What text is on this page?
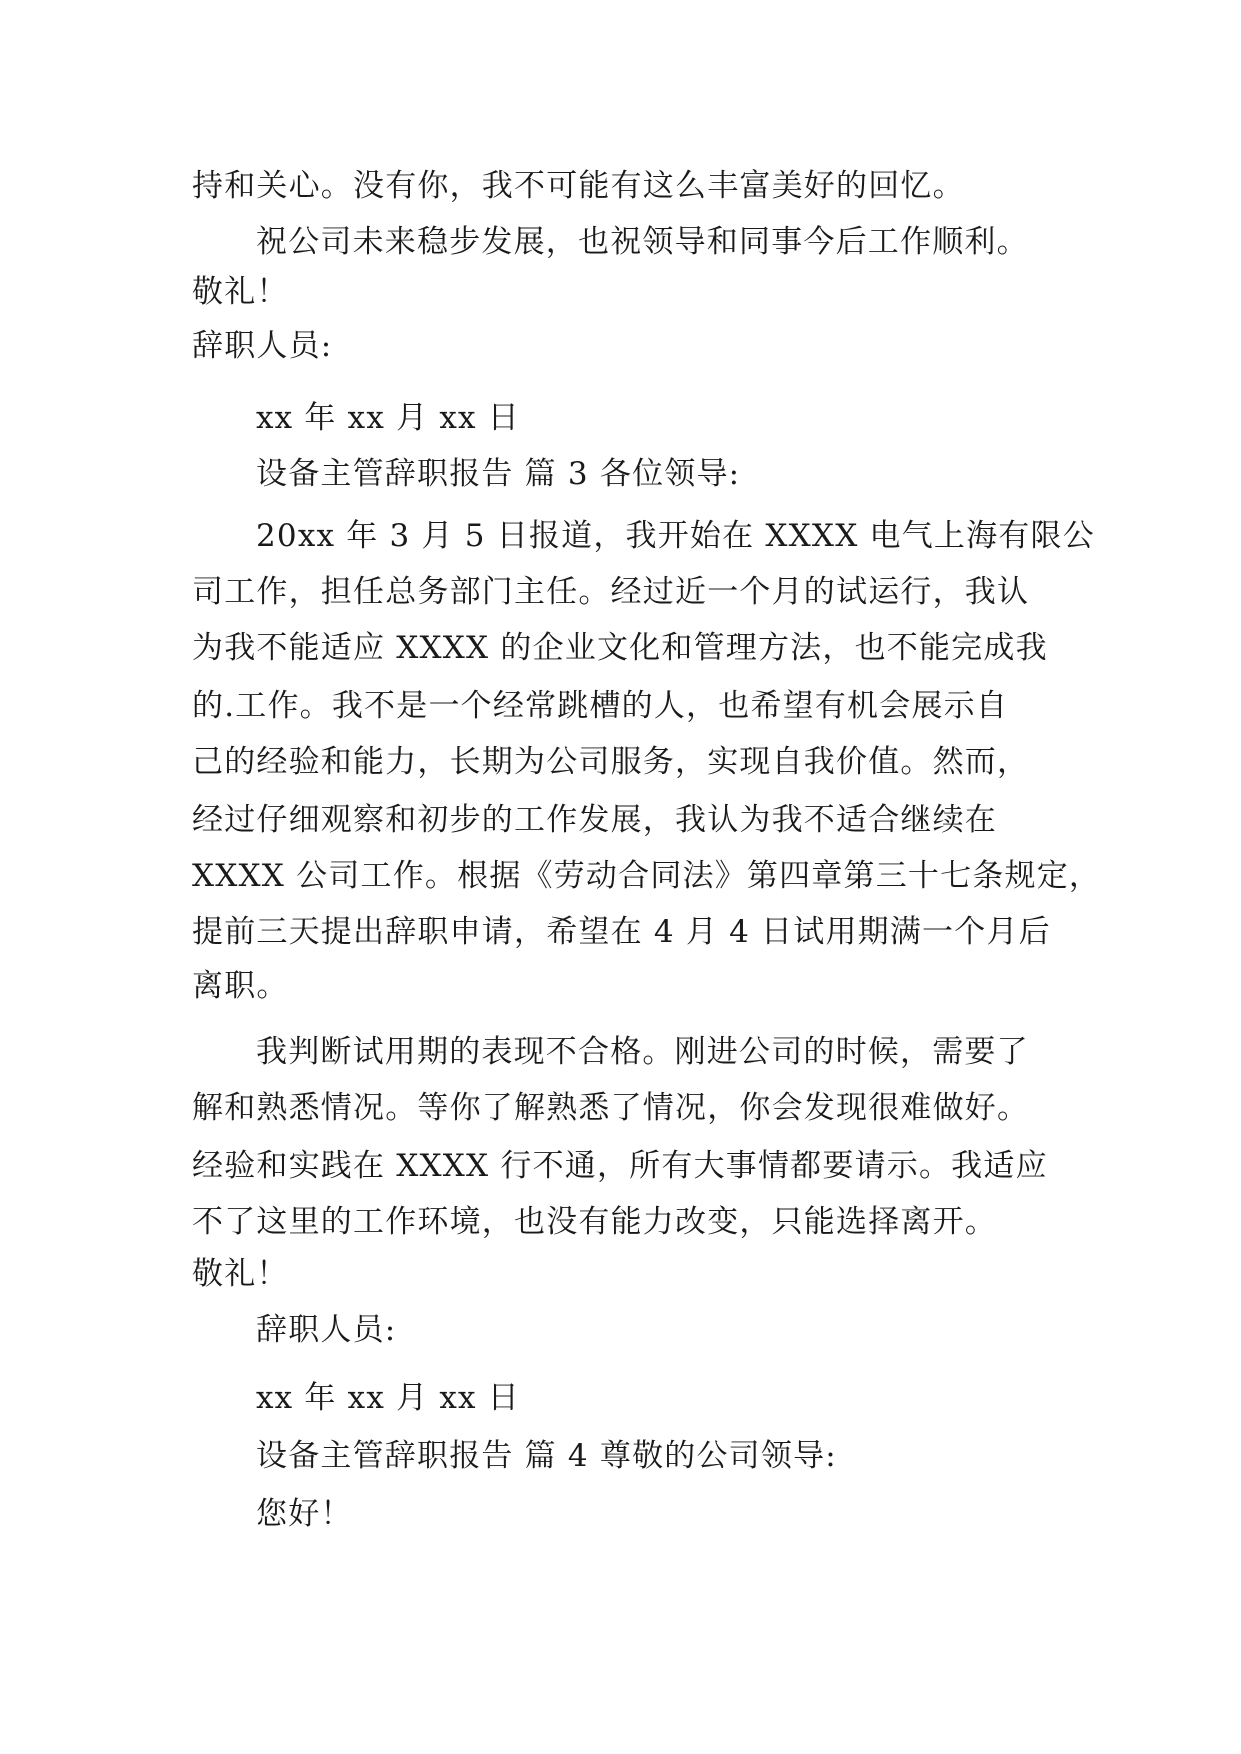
持和关心。没有你，我不可能有这么丰富美好的回忆。
祝公司未来稳步发展，也祝领导和同事今后工作顺利。
敬礼！
辞职人员:
xx 年 xx 月 xx 日
设备主管辞职报告 篇 3 各位领导:
20xx 年 3 月 5 日报道，我开始在 XXXX 电气上海有限公
司工作，担任总务部门主任。经过近一个月的试运行，我认
为我不能适应 XXXX 的企业文化和管理方法，也不能完成我
的.工作。我不是一个经常跳槽的人，也希望有机会展示自
己的经验和能力，长期为公司服务，实现自我价值。然而，
经过仔细观察和初步的工作发展，我认为我不适合继续在
XXXX 公司工作。根据《劳动合同法》第四章第三十七条规定，
提前三天提出辞职申请，希望在 4 月 4 日试用期满一个月后
离职。
我判断试用期的表现不合格。刚进公司的时候，需要了
解和熟悉情况。等你了解熟悉了情况，你会发现很难做好。
经验和实践在 XXXX 行不通，所有大事情都要请示。我适应
不了这里的工作环境，也没有能力改变，只能选择离开。
敬礼！
辞职人员:
xx 年 xx 月 xx 日
设备主管辞职报告 篇 4 尊敬的公司领导:
您好！
